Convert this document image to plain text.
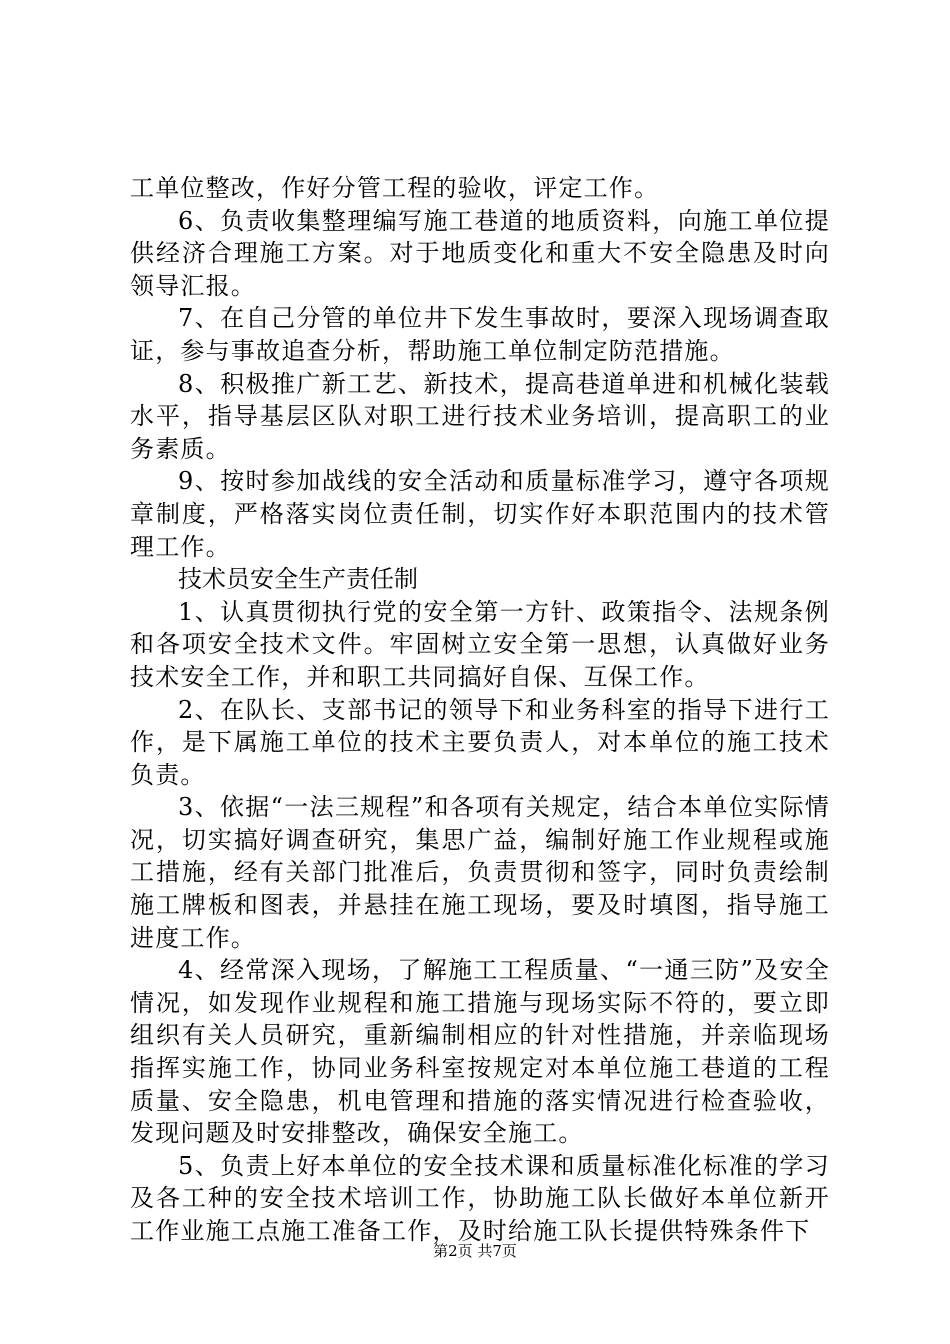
工单位整改，作好分管工程的验收，评定工作。

6、负责收集整理编写施工巷道的地质资料，向施工单位提供经济合理施工方案。对于地质变化和重大不安全隐患及时向领导汇报。

7、在自己分管的单位井下发生事故时，要深入现场调查取证，参与事故追查分析，帮助施工单位制定防范措施。

8、积极推广新工艺、新技术，提高巷道单进和机械化装载水平，指导基层区队对职工进行技术业务培训，提高职工的业务素质。

9、按时参加战线的安全活动和质量标准学习，遵守各项规章制度，严格落实岗位责任制，切实作好本职范围内的技术管理工作。

技术员安全生产责任制

1、认真贯彻执行党的安全第一方针、政策指令、法规条例和各项安全技术文件。牢固树立安全第一思想，认真做好业务技术安全工作，并和职工共同搞好自保、互保工作。

2、在队长、支部书记的领导下和业务科室的指导下进行工作，是下属施工单位的技术主要负责人，对本单位的施工技术负责。

3、依据“一法三规程”和各项有关规定，结合本单位实际情况，切实搞好调查研究，集思广益，编制好施工作业规程或施工措施，经有关部门批准后，负责贯彻和签字，同时负责绘制施工牌板和图表，并悬挂在施工现场，要及时填图，指导施工进度工作。

4、经常深入现场，了解施工工程质量、“一通三防”及安全情况，如发现作业规程和施工措施与现场实际不符的，要立即组织有关人员研究，重新编制相应的针对性措施，并亲临现场指挥实施工作，协同业务科室按规定对本单位施工巷道的工程质量、安全隐患，机电管理和措施的落实情况进行检查验收，发现问题及时安排整改，确保安全施工。

5、负责上好本单位的安全技术课和质量标准化标准的学习及各工种的安全技术培训工作，协助施工队长做好本单位新开工作业施工点施工准备工作，及时给施工队长提供特殊条件下

第2页 共7页
